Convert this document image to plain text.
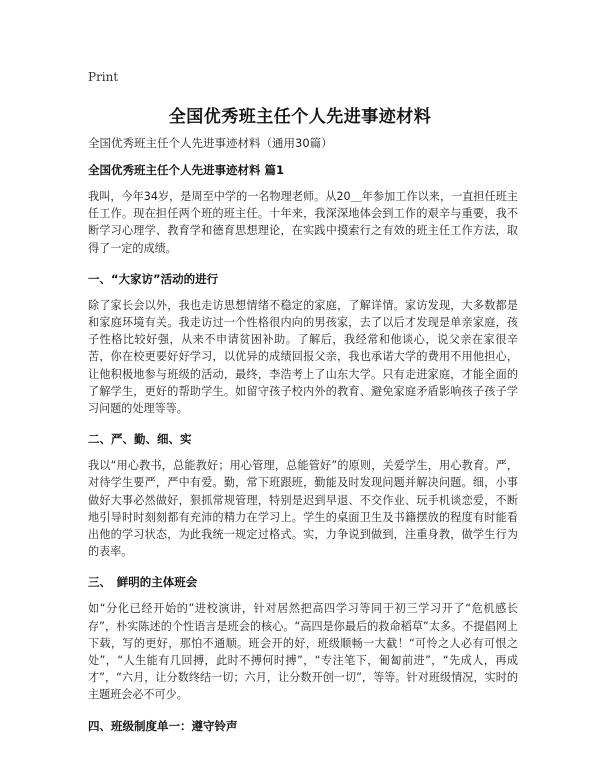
Print
全国优秀班主任个人先进事迹材料
全国优秀班主任个人先进事迹材料（通用30篇）

全国优秀班主任个人先进事迹材料 篇1

我叫，今年34岁，是周至中学的一名物理老师。从20＿年参加工作以来，一直担任班主任工作。现在担任两个班的班主任。十年来，我深深地体会到工作的艰辛与重要，我不断学习心理学、教育学和德育思想理论，在实践中摸索行之有效的班主任工作方法，取得了一定的成绩。

一、“大家访”活动的进行

除了家长会以外，我也走访思想情绪不稳定的家庭，了解详情。家访发现，大多数都是和家庭环境有关。我走访过一个性格很内向的男孩家，去了以后才发现是单亲家庭，孩子性格比较好强，从来不申请贫困补助。了解后，我经常和他谈心，说父亲在家很辛苦，你在校更要好好学习，以优异的成绩回报父亲，我也承诺大学的费用不用他担心，让他积极地参与班级的活动，最终，李浩考上了山东大学。只有走进家庭，才能全面的了解学生，更好的帮助学生。如留守孩子校内外的教育、避免家庭矛盾影响孩子孩子学习问题的处理等等。

二、严、勤、细、实

我以“用心教书，总能教好；用心管理，总能管好”的原则，关爱学生，用心教育。严，对待学生要严，严中有爱。勤，常下班跟班，勤能及时发现问题并解决问题。细，小事做好大事必然做好，狠抓常规管理，特别是迟到早退、不交作业、玩手机谈恋爱，不断地引导时时刻刻都有充沛的精力在学习上。学生的桌面卫生及书籍摆放的程度有时能看出他的学习状态，为此我统一规定过格式。实，力争说到做到，注重身教，做学生行为的表率。

三、　鲜明的主体班会

如“分化已经开始的”进校演讲，针对居然把高四学习等同于初三学习开了“危机感长存”，朴实陈述的个性语言是班会的核心。“高四是你最后的救命稻草”太多。不提倡网上下载，写的更好，那怕不通顺。班会开的好，班级顺畅一大截！“可怜之人必有可恨之处”，“人生能有几回搏，此时不搏何时搏”，“专注笔下，匍匐前进”，“先成人，再成才”，“六月，让分数终结一切；六月，让分数开创一切”，等等。针对班级情况，实时的主题班会必不可少。

四、班级制度单一：遵守铃声
